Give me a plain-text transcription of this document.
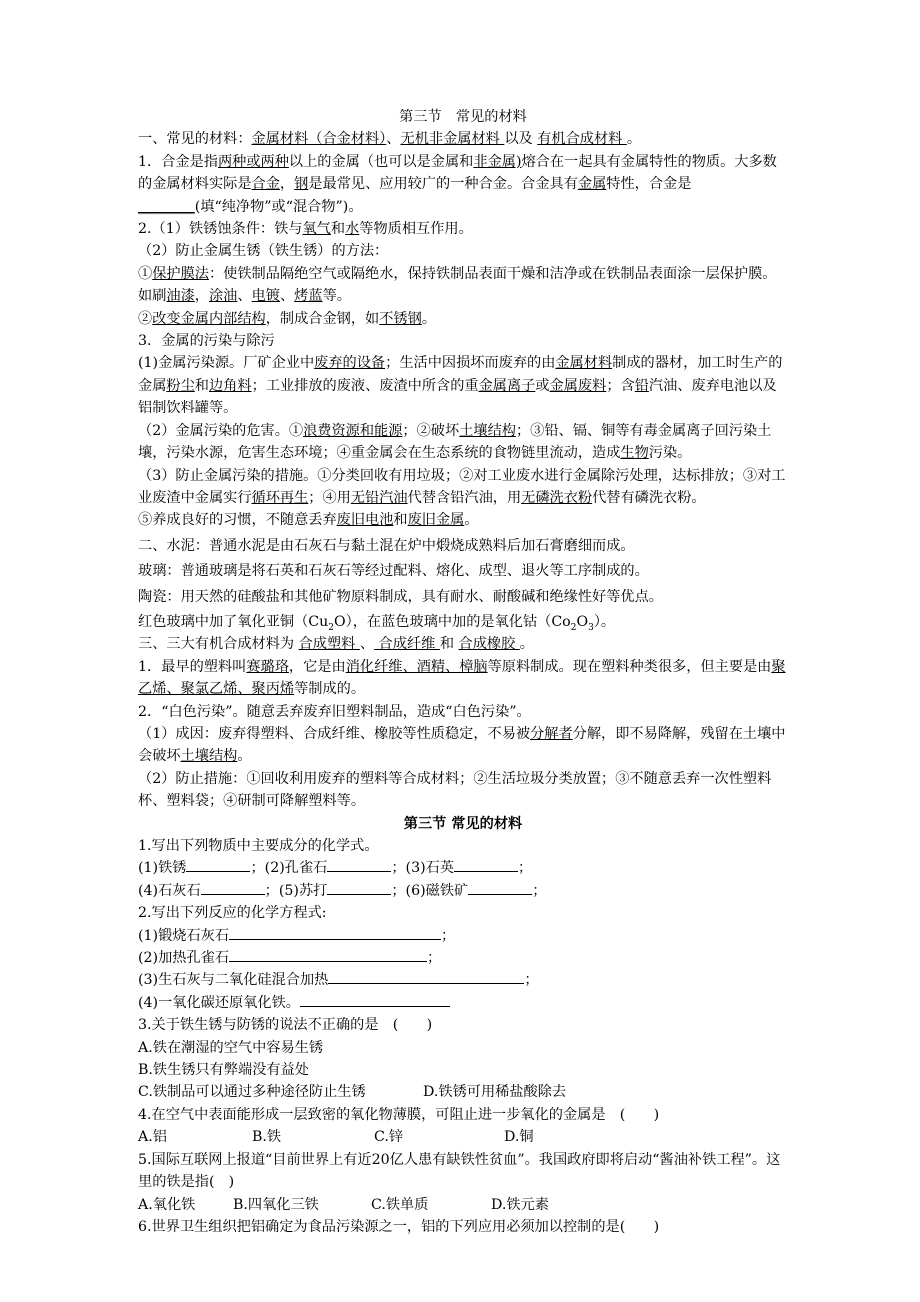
第三节　常见的材料

一、常见的材料：金属材料（合金材料）、无机非金属材料 以及 有机合成材料 。

1．合金是指两种或两种以上的金属（也可以是金属和非金属)熔合在一起具有金属特性的物质。大多数的金属材料实际是合金，钢是最常见、应用较广的一种合金。合金具有金属特性，合金是________(填“纯净物”或“混合物”)。

2.（1）铁锈蚀条件：铁与氧气和水等物质相互作用。

（2）防止金属生锈（铁生锈）的方法：

①保护膜法：使铁制品隔绝空气或隔绝水，保持铁制品表面干燥和洁净或在铁制品表面涂一层保护膜。如刷油漆，涂油、电镀、烤蓝等。

②改变金属内部结构，制成合金钢，如不锈钢。

3．金属的污染与除污

(1)金属污染源。厂矿企业中废弃的设备；生活中因损坏而废弃的由金属材料制成的器材，加工时生产的金属粉尘和边角料；工业排放的废液、废渣中所含的重金属离子或金属废料；含铅汽油、废弃电池以及铝制饮料罐等。

（2）金属污染的危害。①浪费资源和能源；②破坏土壤结构；③铅、镉、铜等有毒金属离子回污染土壤，污染水源，危害生态环境；④重金属会在生态系统的食物链里流动，造成生物污染。

（3）防止金属污染的措施。①分类回收有用垃圾；②对工业废水进行金属除污处理，达标排放；③对工业废渣中金属实行循环再生；④用无铅汽油代替含铅汽油，用无磷洗衣粉代替有磷洗衣粉。

⑤养成良好的习惯，不随意丢弃废旧电池和废旧金属。

二、水泥：普通水泥是由石灰石与黏土混在炉中煅烧成熟料后加石膏磨细而成。

玻璃：普通玻璃是将石英和石灰石等经过配料、熔化、成型、退火等工序制成的。

陶瓷：用天然的硅酸盐和其他矿物原料制成，具有耐水、耐酸碱和绝缘性好等优点。

红色玻璃中加了氧化亚铜$(Cu_2O)$，在蓝色玻璃中加的是氧化钴$(Co_2O_3)$。

三、三大有机合成材料为 合成塑料 、 合成纤维 和 合成橡胶 。

1．最早的塑料叫赛璐珞，它是由消化纤维、酒精、樟脑等原料制成。现在塑料种类很多，但主要是由聚乙烯、聚氯乙烯、聚丙烯等制成的。

2．“白色污染”。随意丢弃废弃旧塑料制品，造成“白色污染”。

（1）成因：废弃得塑料、合成纤维、橡胶等性质稳定，不易被分解者分解，即不易降解，残留在土壤中会破坏土壤结构。

（2）防止措施：①回收利用废弃的塑料等合成材料；②生活垃圾分类放置；③不随意丢弃一次性塑料杯、塑料袋；④研制可降解塑料等。

第三节 常见的材料

1.写出下列物质中主要成分的化学式。

(1)铁锈	；(2)孔雀石	；(3)石英	；

(4)石灰石	；(5)苏打	；(6)磁铁矿	；

2.写出下列反应的化学方程式:

(1)锻烧石灰石	；

(2)加热孔雀石	；

(3)生石灰与二氧化硅混合加热	；

(4)一氧化碳还原氧化铁。

3.关于铁生锈与防锈的说法不正确的是　(　　)

A.铁在潮湿的空气中容易生锈

B.铁生锈只有弊端没有益处

C.铁制品可以通过多种途径防止生锈	D.铁锈可用稀盐酸除去

4.在空气中表面能形成一层致密的氧化物薄膜，可阻止进一步氧化的金属是　(　　)

A.铝	B.铁	C.锌	D.铜

5.国际互联网上报道“目前世界上有近20亿人患有缺铁性贫血”。我国政府即将启动“酱油补铁工程”。这里的铁是指(　)

A.氧化铁	B.四氧化三铁	C.铁单质	D.铁元素

6.世界卫生组织把铝确定为食品污染源之一，铝的下列应用必须加以控制的是(　　)
